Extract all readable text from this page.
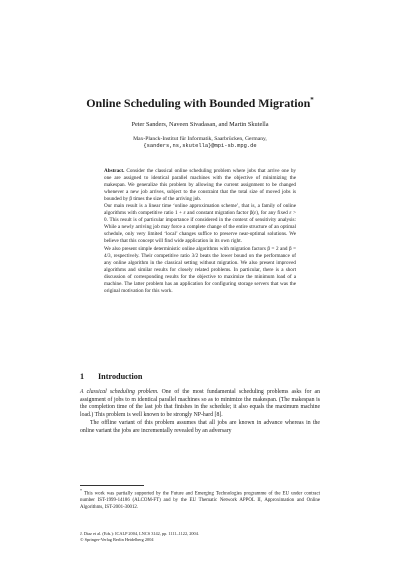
Online Scheduling with Bounded Migration*
Peter Sanders, Naveen Sivadasan, and Martin Skutella
Max-Planck-Institut für Informatik, Saarbrücken, Germany,
{sanders,ns,skutella}@mpi-sb.mpg.de

Abstract. Consider the classical online scheduling problem where jobs that arrive one by one are assigned to identical parallel machines with the objective of minimizing the makespan. We generalize this problem by allowing the current assignment to be changed whenever a new job arrives, subject to the constraint that the total size of moved jobs is bounded by β times the size of the arriving job.

Our main result is a linear time ‘online approximation scheme’, that is, a family of online algorithms with competitive ratio 1 + ε and constant migration factor β(ε), for any fixed ε > 0. This result is of particular importance if considered in the context of sensitivity analysis: While a newly arriving job may force a complete change of the entire structure of an optimal schedule, only very limited ‘local’ changes suffice to preserve near-optimal solutions. We believe that this concept will find wide application in its own right.

We also present simple deterministic online algorithms with migration factors β = 2 and β = 4/3, respectively. Their competitive ratio 3/2 beats the lower bound on the performance of any online algorithm in the classical setting without migration. We also present improved algorithms and similar results for closely related problems. In particular, there is a short discussion of corresponding results for the objective to maximize the minimum load of a machine. The latter problem has an application for configuring storage servers that was the original motivation for this work.

1 Introduction

A classical scheduling problem. One of the most fundamental scheduling problems asks for an assignment of jobs to m identical parallel machines so as to minimize the makespan. (The makespan is the completion time of the last job that finishes in the schedule; it also equals the maximum machine load.) This problem is well known to be strongly NP-hard [8].

The offline variant of this problem assumes that all jobs are known in advance whereas in the online variant the jobs are incrementally revealed by an adversary

* This work was partially supported by the Future and Emerging Technologies programme of the EU under contract number IST-1999-14186 (ALCOM-FT) and by the EU Thematic Network APPOL II, Approximation and Online Algorithms, IST-2001-30012.
J. Diaz et al. (Eds.): ICALP 2004, LNCS 3142, pp. 1111–1122, 2004.
© Springer-Verlag Berlin Heidelberg 2004
